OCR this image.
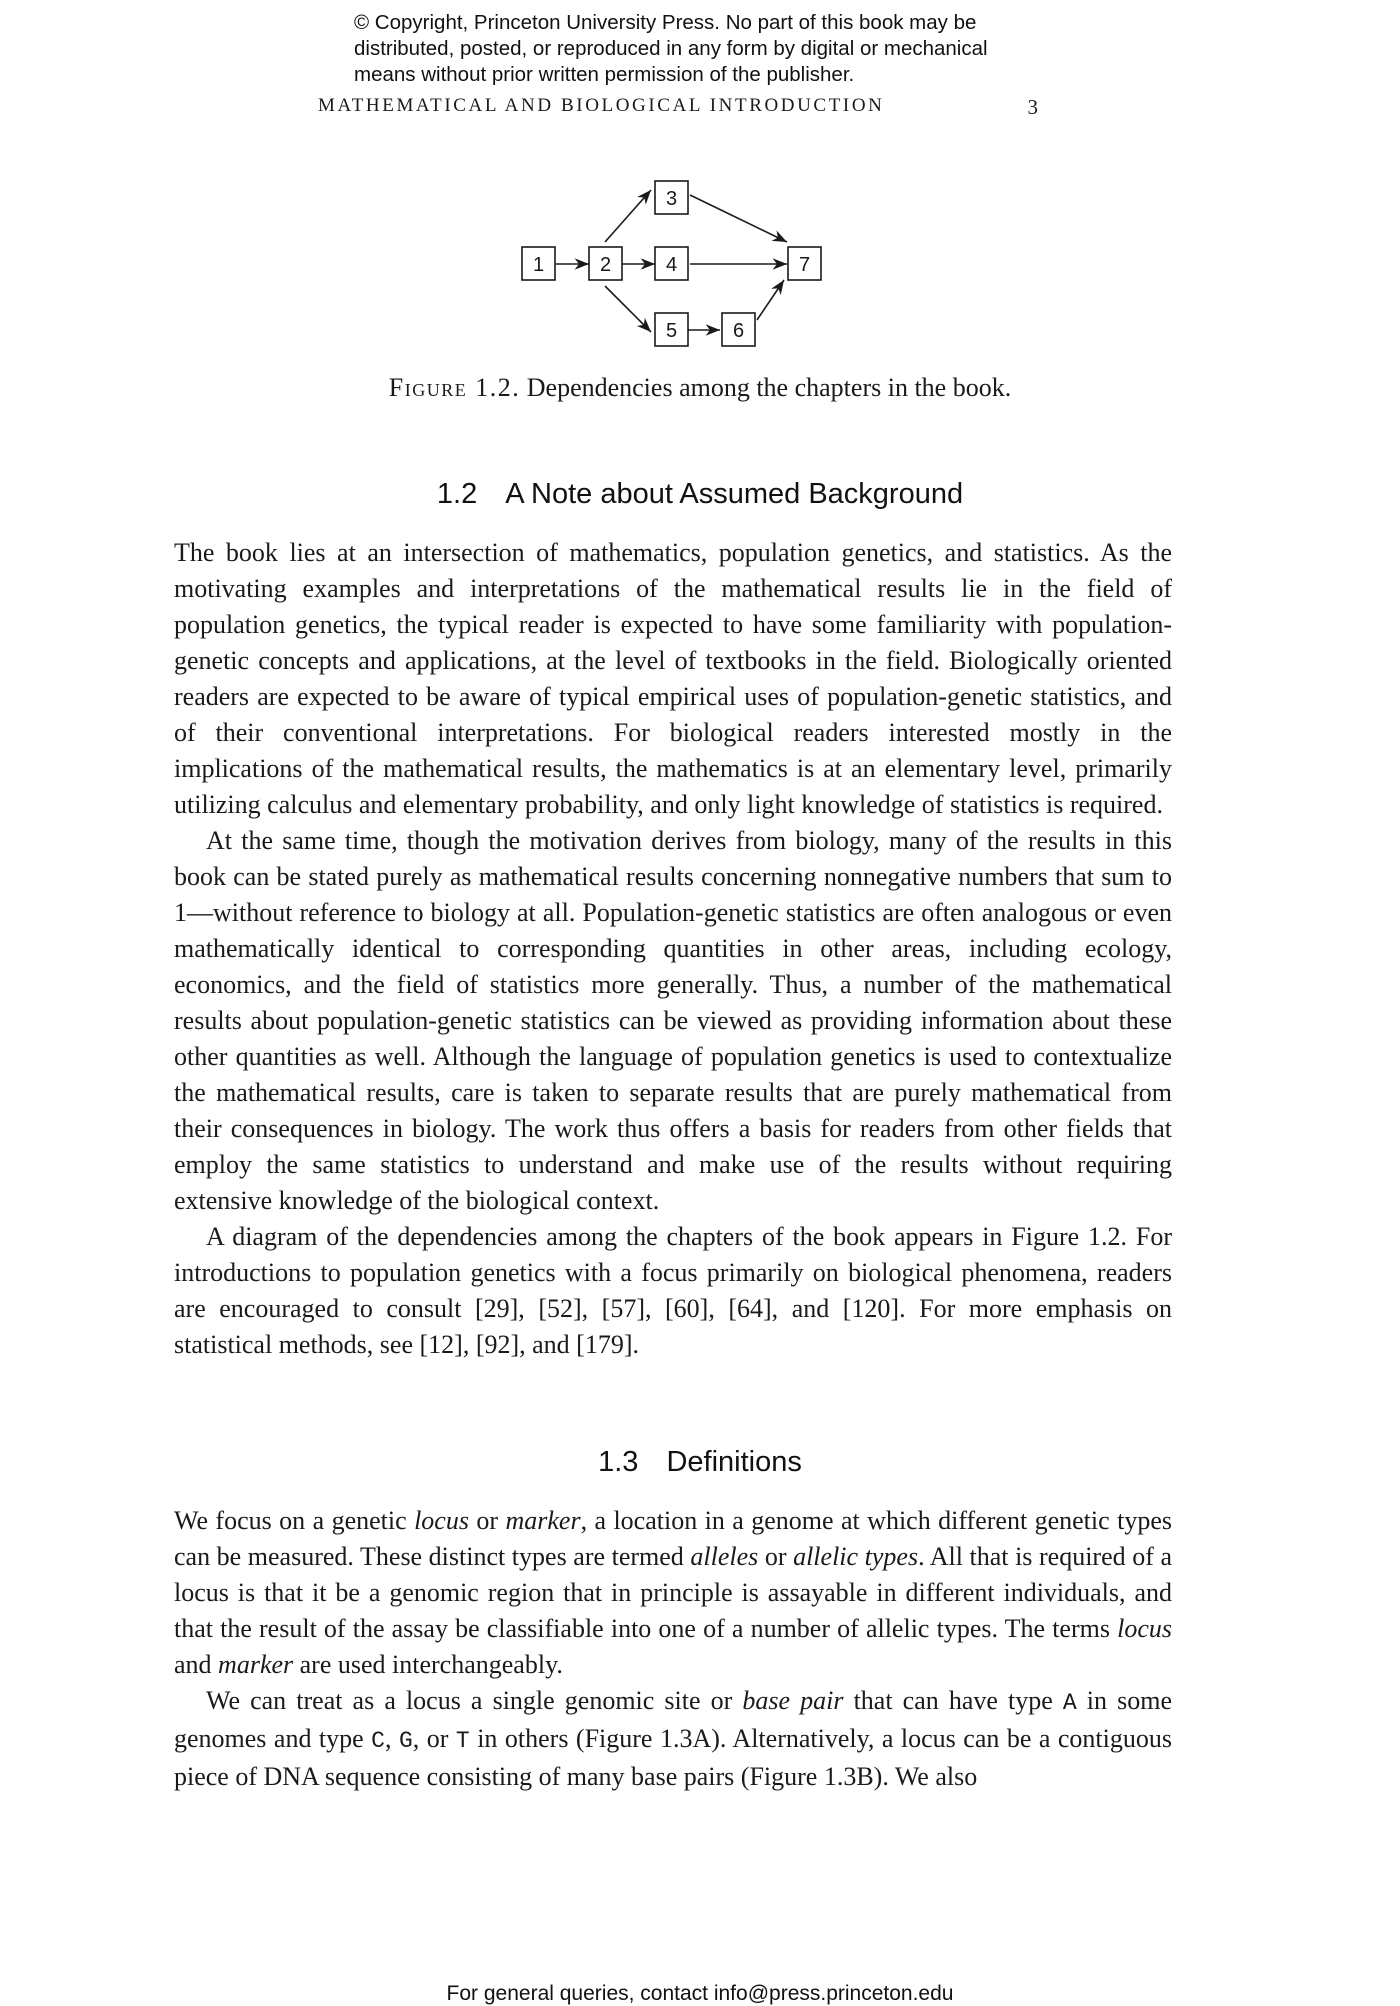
© Copyright, Princeton University Press. No part of this book may be
distributed, posted, or reproduced in any form by digital or mechanical
means without prior written permission of the publisher.
MATHEMATICAL AND BIOLOGICAL INTRODUCTION	3
1	2
3
4
5	6
7
Figure 1.2. Dependencies among the chapters in the book.
1.2 A Note about Assumed Background

The book lies at an intersection of mathematics, population genetics, and statistics. As the motivating examples and interpretations of the mathematical results lie in the field of population genetics, the typical reader is expected to have some familiarity with population-genetic concepts and applications, at the level of textbooks in the field. Biologically oriented readers are expected to be aware of typical empirical uses of population-genetic statistics, and of their conventional interpretations. For biological readers interested mostly in the implications of the mathematical results, the mathematics is at an elementary level, primarily utilizing calculus and elementary probability, and only light knowledge of statistics is required.

At the same time, though the motivation derives from biology, many of the results in this book can be stated purely as mathematical results concerning nonnegative numbers that sum to 1—without reference to biology at all. Population-genetic statistics are often analogous or even mathematically identical to corresponding quantities in other areas, including ecology, economics, and the field of statistics more generally. Thus, a number of the mathematical results about population-genetic statistics can be viewed as providing information about these other quantities as well. Although the language of population genetics is used to contextualize the mathematical results, care is taken to separate results that are purely mathematical from their consequences in biology. The work thus offers a basis for readers from other fields that employ the same statistics to understand and make use of the results without requiring extensive knowledge of the biological context.

A diagram of the dependencies among the chapters of the book appears in Figure 1.2. For introductions to population genetics with a focus primarily on biological phenomena, readers are encouraged to consult [29], [52], [57], [60], [64], and [120]. For more emphasis on statistical methods, see [12], [92], and [179].

1.3 Definitions

We focus on a genetic locus or marker, a location in a genome at which different genetic types can be measured. These distinct types are termed alleles or allelic types. All that is required of a locus is that it be a genomic region that in principle is assayable in different individuals, and that the result of the assay be classifiable into one of a number of allelic types. The terms locus and marker are used interchangeably.

We can treat as a locus a single genomic site or base pair that can have type A in some genomes and type C, G, or T in others (Figure 1.3A). Alternatively, a locus can be a contiguous piece of DNA sequence consisting of many base pairs (Figure 1.3B). We also

For general queries, contact info@press.princeton.edu
